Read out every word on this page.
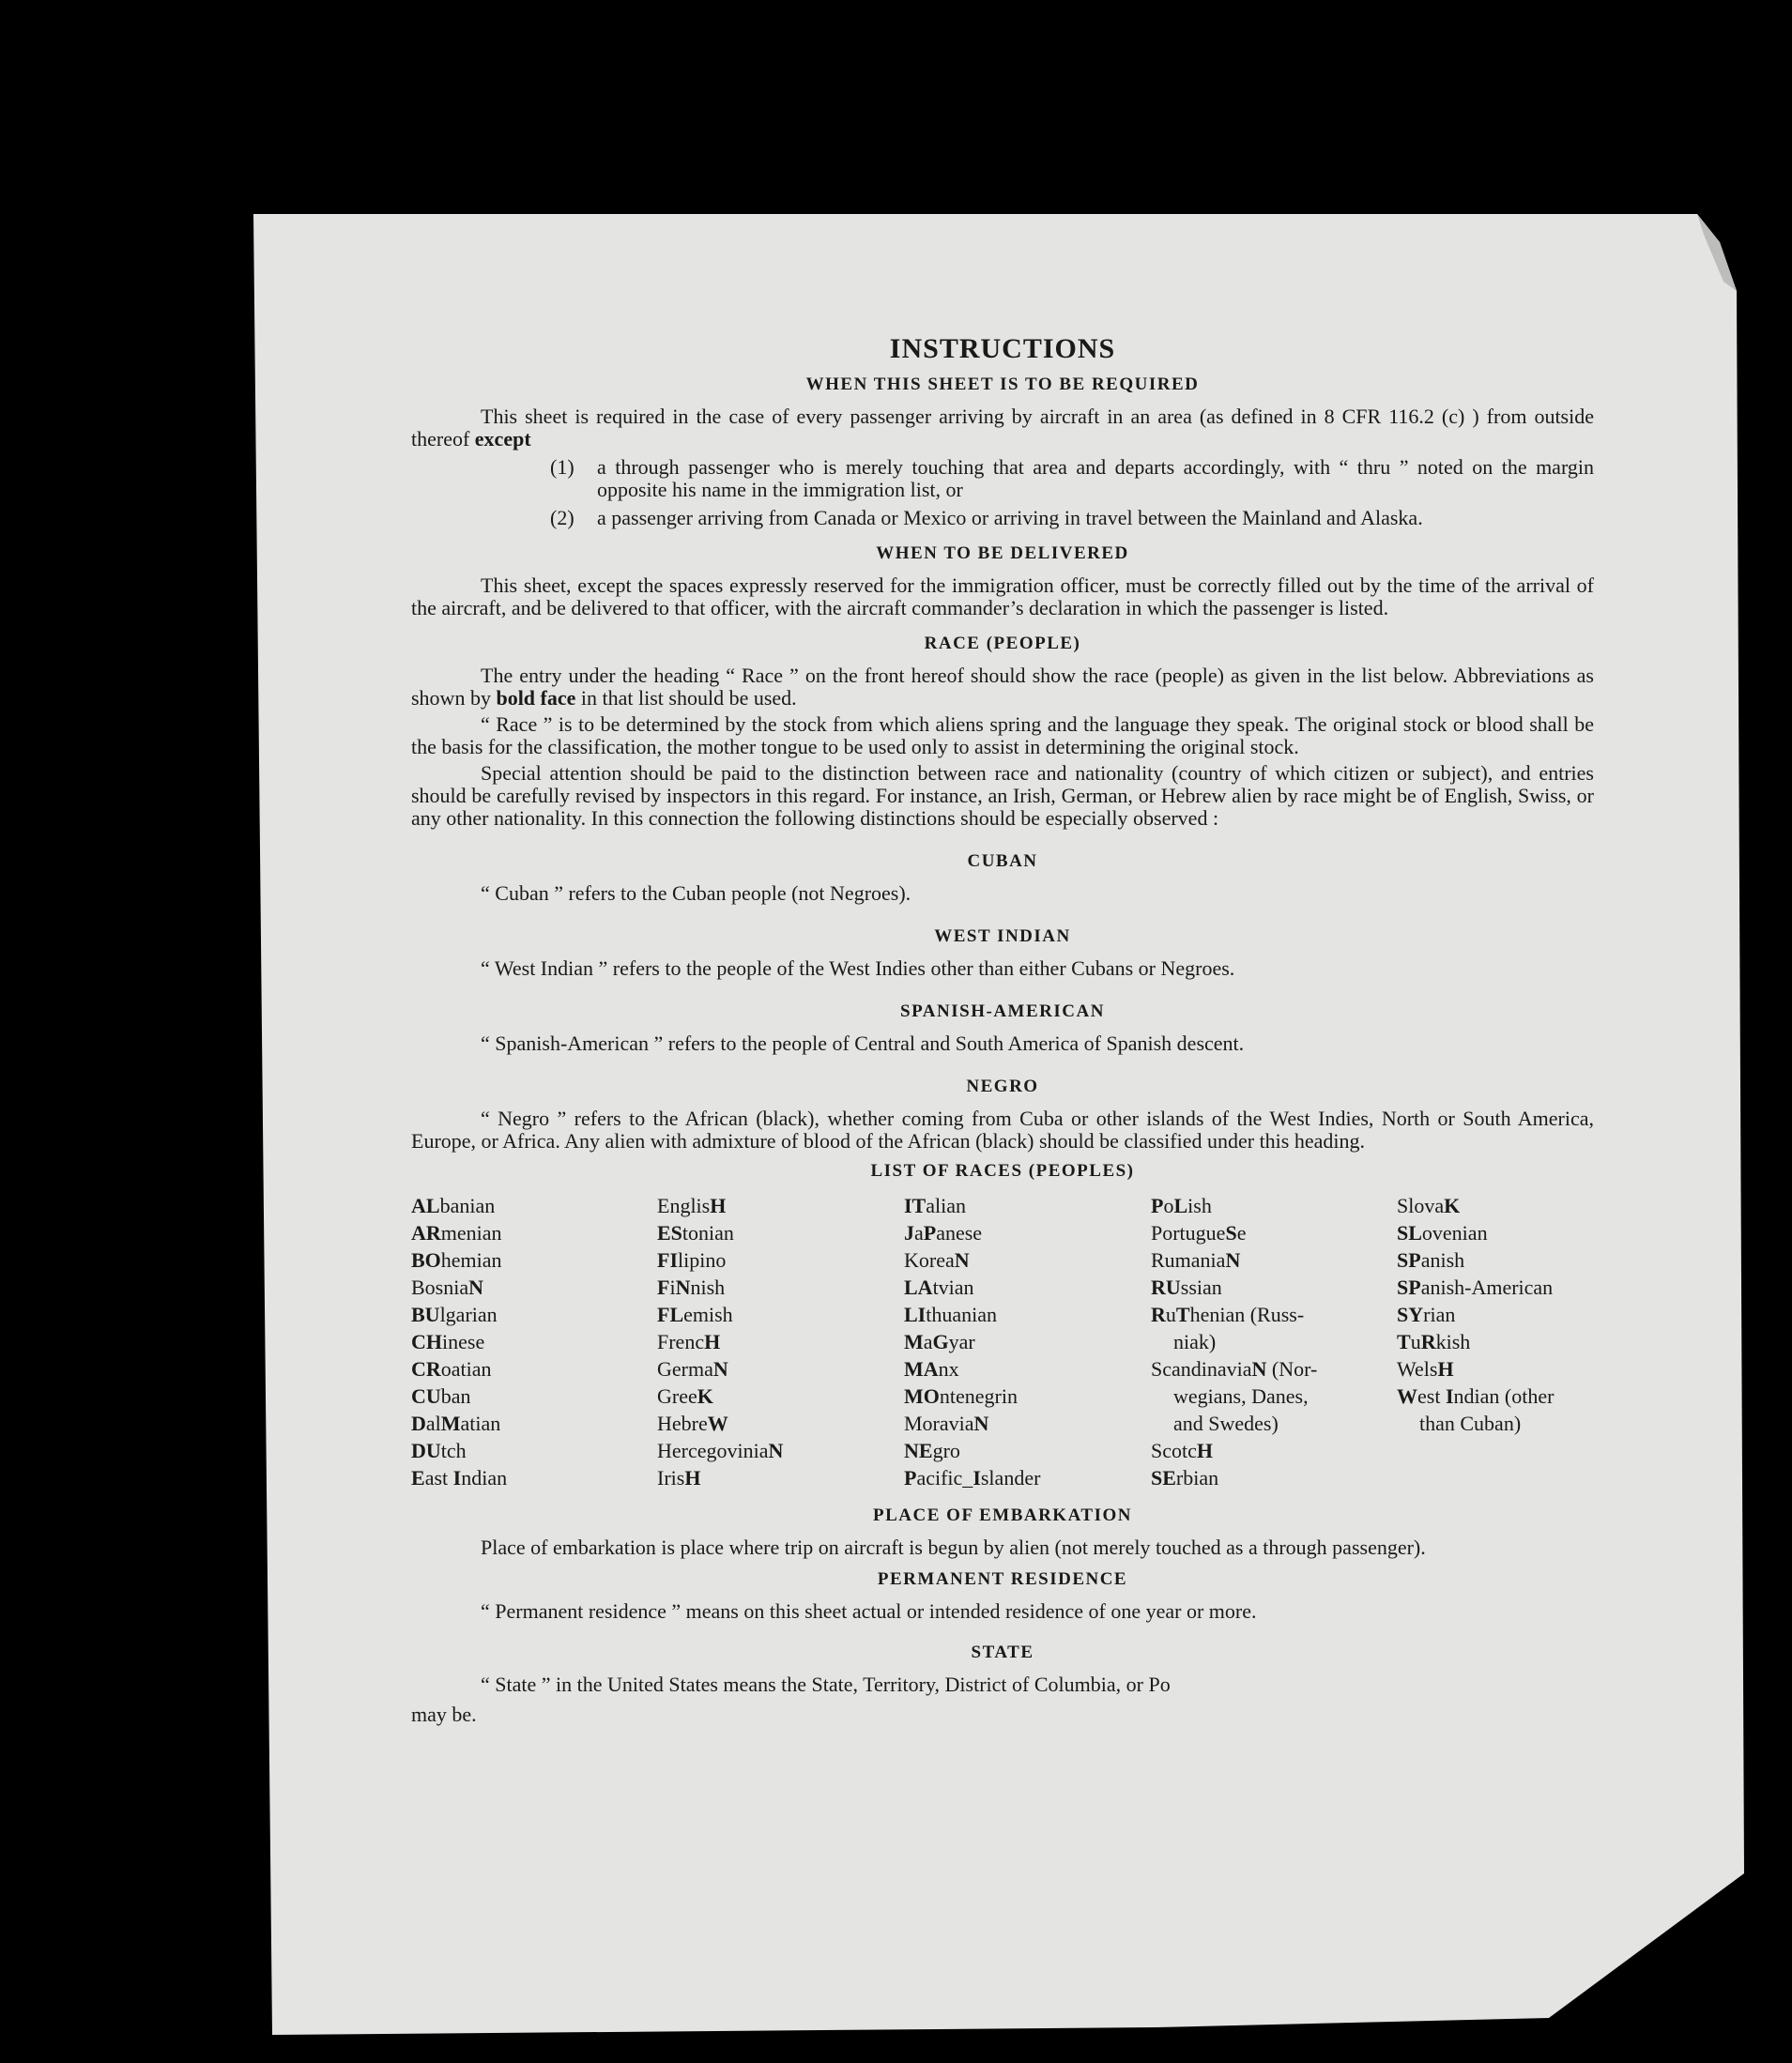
INSTRUCTIONS
WHEN THIS SHEET IS TO BE REQUIRED

This sheet is required in the case of every passenger arriving by aircraft in an area (as defined in 8 CFR 116.2 (c) ) from outside thereof except

(1)	a through passenger who is merely touching that area and departs accordingly, with “ thru ” noted on the margin opposite his name in the immigration list, or
(2)	a passenger arriving from Canada or Mexico or arriving in travel between the Mainland and Alaska.
WHEN TO BE DELIVERED

This sheet, except the spaces expressly reserved for the immigration officer, must be correctly filled out by the time of the arrival of the aircraft, and be delivered to that officer, with the aircraft commander’s declaration in which the passenger is listed.

RACE (PEOPLE)

The entry under the heading “ Race ” on the front hereof should show the race (people) as given in the list below. Abbreviations as shown by bold face in that list should be used.

“ Race ” is to be determined by the stock from which aliens spring and the language they speak. The original stock or blood shall be the basis for the classification, the mother tongue to be used only to assist in determining the original stock.

Special attention should be paid to the distinction between race and nationality (country of which citizen or subject), and entries should be carefully revised by inspectors in this regard. For instance, an Irish, German, or Hebrew alien by race might be of English, Swiss, or any other nationality. In this connection the following distinctions should be especially observed :

CUBAN
“ Cuban ” refers to the Cuban people (not Negroes).
WEST INDIAN
“ West Indian ” refers to the people of the West Indies other than either Cubans or Negroes.
SPANISH-AMERICAN
“ Spanish-American ” refers to the people of Central and South America of Spanish descent.
NEGRO

“ Negro ” refers to the African (black), whether coming from Cuba or other islands of the West Indies, North or South America, Europe, or Africa. Any alien with admixture of blood of the African (black) should be classified under this heading.

LIST OF RACES (PEOPLES)
ALbanian
ARmenian
BOhemian
BosniaN
BUlgarian
CHinese
CRoatian
CUban
DalMatian
DUtch
East Indian
EnglisH
EStonian
FIlipino
FiNnish
FLemish
FrencH
GermaN
GreeK
HebreW
HercegoviniaN
IrisH
ITalian
JaPanese
KoreaN
LAtvian
LIthuanian
MaGyar
MAnx
MOntenegrin
MoraviaN
NEgro
Pacific_Islander
PoLish
PortugueSe
RumaniaN
RUssian
RuThenian (Russ-
niak)
ScandinaviaN (Nor-
wegians, Danes,
and Swedes)
ScotcH
SErbian
SlovaK
SLovenian
SPanish
SPanish-American
SYrian
TuRkish
WelsH
West Indian (other
than Cuban)
PLACE OF EMBARKATION

Place of embarkation is place where trip on aircraft is begun by alien (not merely touched as a through passenger).

PERMANENT RESIDENCE
“ Permanent residence ” means on this sheet actual or intended residence of one year or more.
STATE
“ State ” in the United States means the State, Territory, District of Columbia, or Po

may be.
